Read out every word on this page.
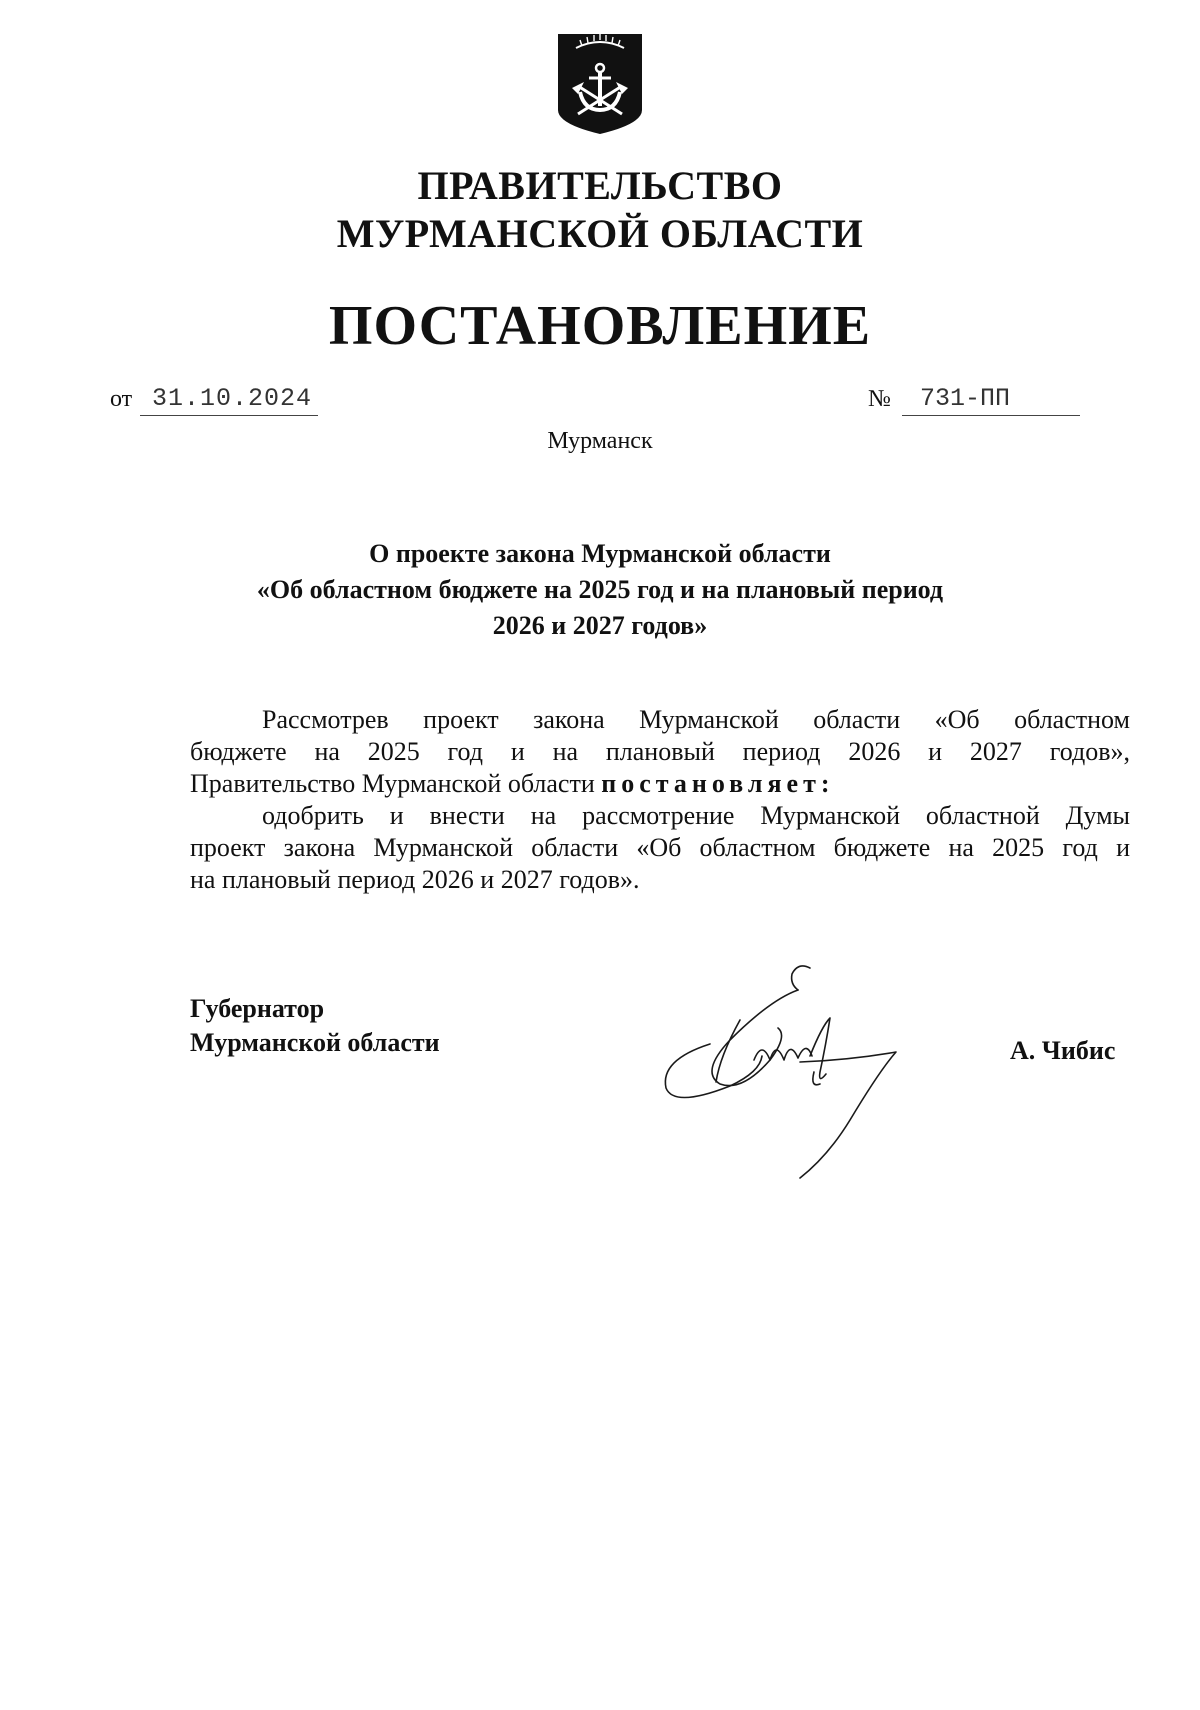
ПРАВИТЕЛЬСТВО
МУРМАНСКОЙ ОБЛАСТИ
ПОСТАНОВЛЕНИЕ
от 31.10.2024	№	731-ПП
Мурманск
О проекте закона Мурманской области
«Об областном бюджете на 2025 год и на плановый период
2026 и 2027 годов»
Рассмотрев проект закона Мурманской области «Об областном
бюджете на 2025 год и на плановый период 2026 и 2027 годов»,
Правительство Мурманской области постановляет:
одобрить и внести на рассмотрение Мурманской областной Думы
проект закона Мурманской области «Об областном бюджете на 2025 год и
на плановый период 2026 и 2027 годов».
Губернатор
Мурманской области	А. Чибис
